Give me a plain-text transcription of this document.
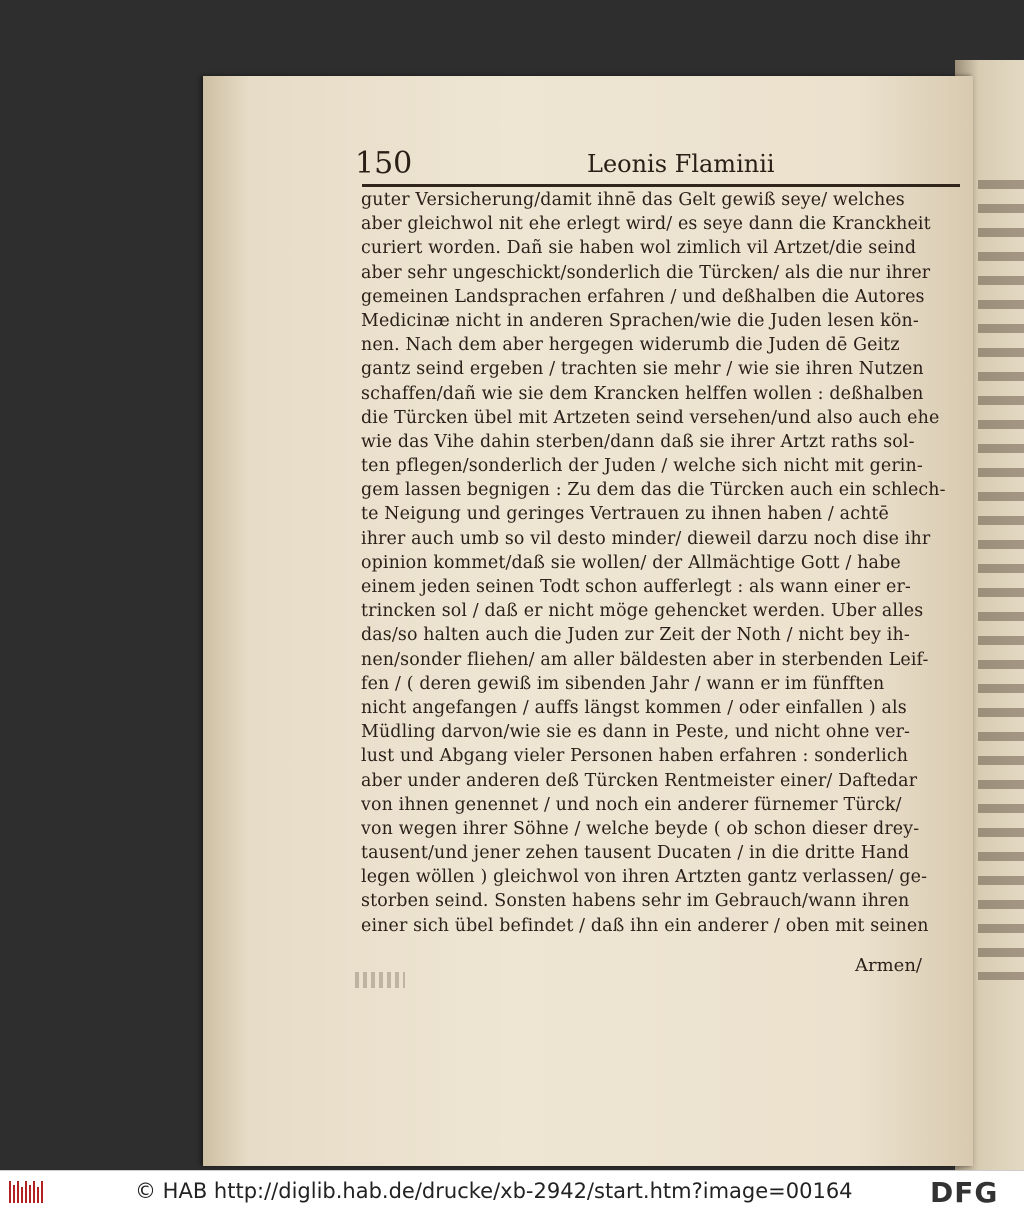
150	Leonis Flaminii
guter Versicherung/damit ihnē das Gelt gewiß seye/ welches
aber gleichwol nit ehe erlegt wird/ es seye dann die Kranckheit
curiert worden. Dañ sie haben wol zimlich vil Artzet/die seind
aber sehr ungeschickt/sonderlich die Türcken/ als die nur ihrer
gemeinen Landsprachen erfahren / und deßhalben die Autores
Medicinæ nicht in anderen Sprachen/wie die Juden lesen kön-
nen. Nach dem aber hergegen widerumb die Juden dē Geitz
gantz seind ergeben / trachten sie mehr / wie sie ihren Nutzen
schaffen/dañ wie sie dem Krancken helffen wollen : deßhalben
die Türcken übel mit Artzeten seind versehen/und also auch ehe
wie das Vihe dahin sterben/dann daß sie ihrer Artzt raths sol-
ten pflegen/sonderlich der Juden / welche sich nicht mit gerin-
gem lassen begnigen : Zu dem das die Türcken auch ein schlech-
te Neigung und geringes Vertrauen zu ihnen haben / achtē
ihrer auch umb so vil desto minder/ dieweil darzu noch dise ihr
opinion kommet/daß sie wollen/ der Allmächtige Gott / habe
einem jeden seinen Todt schon aufferlegt : als wann einer er-
trincken sol / daß er nicht möge gehencket werden. Uber alles
das/so halten auch die Juden zur Zeit der Noth / nicht bey ih-
nen/sonder fliehen/ am aller bäldesten aber in sterbenden Leif-
fen / ( deren gewiß im sibenden Jahr / wann er im fünfften
nicht angefangen / auffs längst kommen / oder einfallen ) als
Müdling darvon/wie sie es dann in Peste, und nicht ohne ver-
lust und Abgang vieler Personen haben erfahren : sonderlich
aber under anderen deß Türcken Rentmeister einer/ Daftedar
von ihnen genennet / und noch ein anderer fürnemer Türck/
von wegen ihrer Söhne / welche beyde ( ob schon dieser drey-
tausent/und jener zehen tausent Ducaten / in die dritte Hand
legen wöllen ) gleichwol von ihren Artzten gantz verlassen/ ge-
storben seind. Sonsten habens sehr im Gebrauch/wann ihren
einer sich übel befindet / daß ihn ein anderer / oben mit seinen
Armen/
© HAB http://diglib.hab.de/drucke/xb-2942/start.htm?image=00164	DFG
